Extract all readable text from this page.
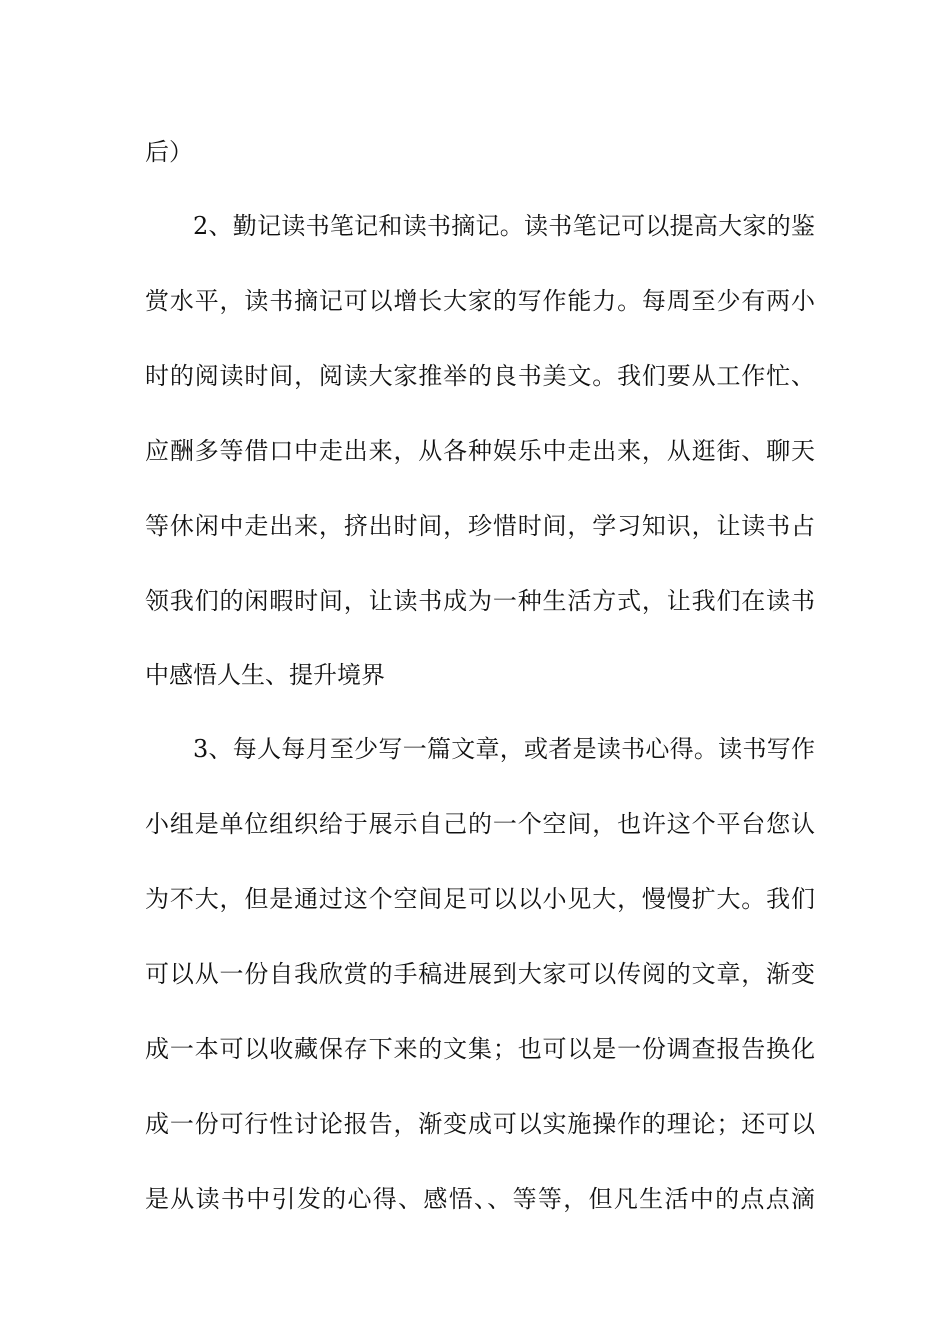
后）
2、勤记读书笔记和读书摘记。读书笔记可以提高大家的鉴
赏水平，读书摘记可以增长大家的写作能力。每周至少有两小
时的阅读时间，阅读大家推举的良书美文。我们要从工作忙、
应酬多等借口中走出来，从各种娱乐中走出来，从逛街、聊天
等休闲中走出来，挤出时间，珍惜时间，学习知识，让读书占
领我们的闲暇时间，让读书成为一种生活方式，让我们在读书
中感悟人生、提升境界
3、每人每月至少写一篇文章，或者是读书心得。读书写作
小组是单位组织给于展示自己的一个空间，也许这个平台您认
为不大，但是通过这个空间足可以以小见大，慢慢扩大。我们
可以从一份自我欣赏的手稿进展到大家可以传阅的文章，渐变
成一本可以收藏保存下来的文集；也可以是一份调查报告换化
成一份可行性讨论报告，渐变成可以实施操作的理论；还可以
是从读书中引发的心得、感悟、、等等，但凡生活中的点点滴
